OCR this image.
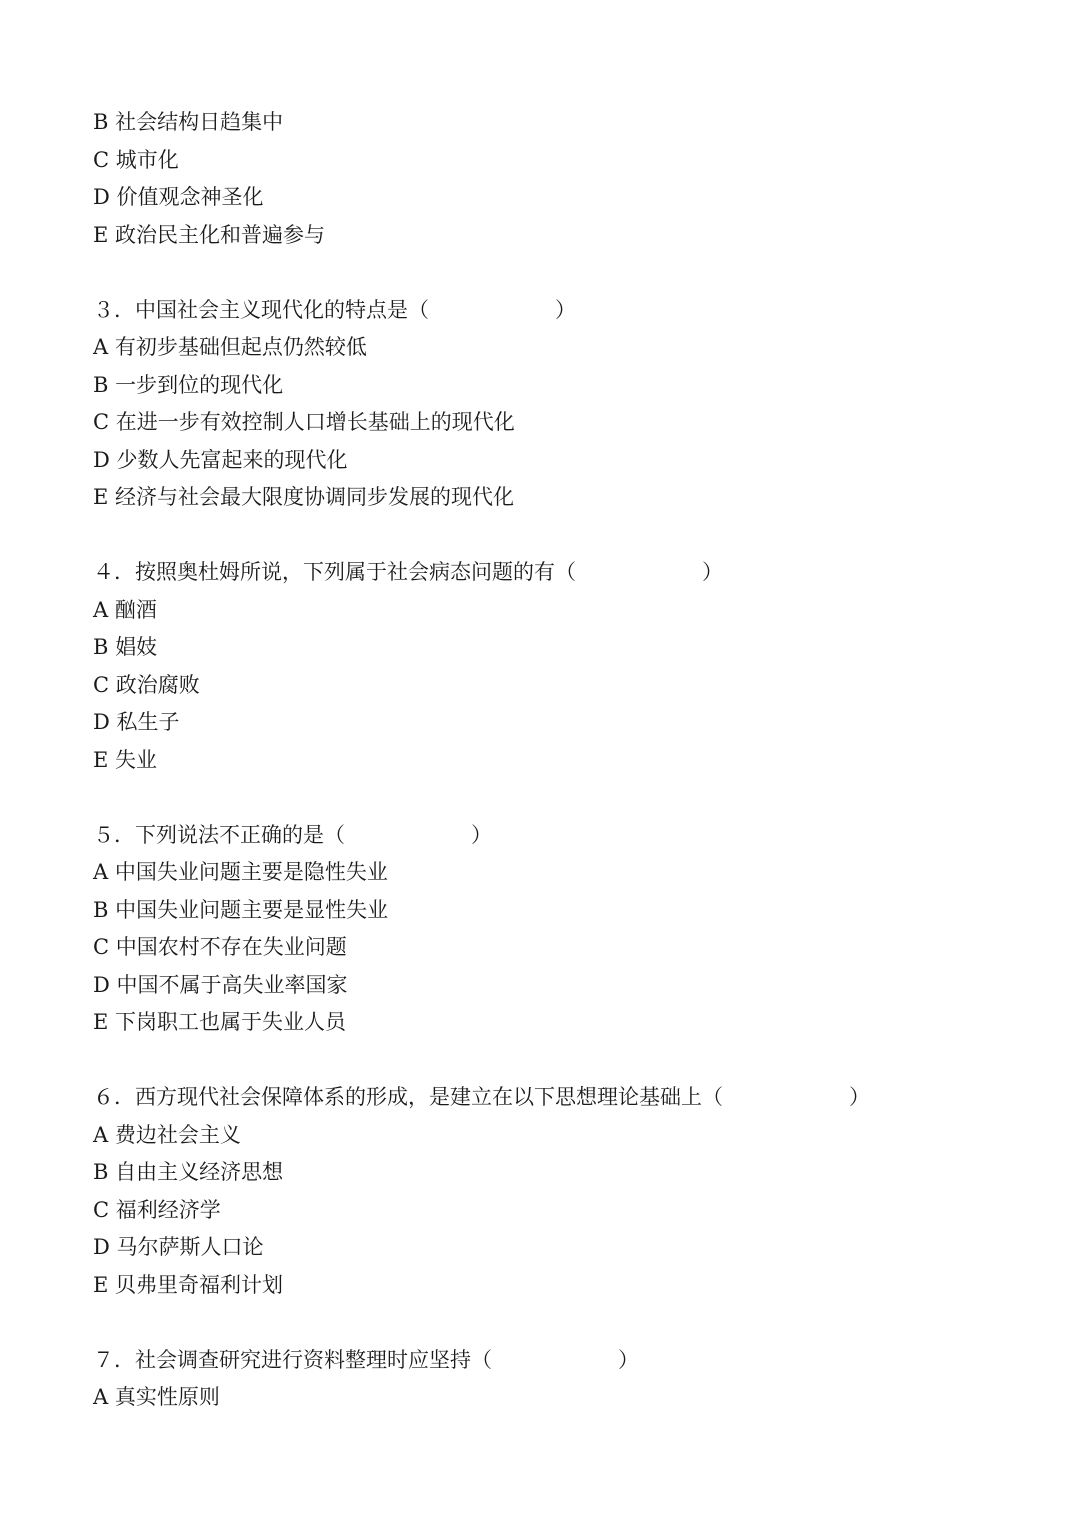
B 社会结构日趋集中
C 城市化
D 价值观念神圣化
E 政治民主化和普遍参与
３．中国社会主义现代化的特点是（　　　　　　）
A 有初步基础但起点仍然较低
B 一步到位的现代化
C 在进一步有效控制人口增长基础上的现代化
D 少数人先富起来的现代化
E 经济与社会最大限度协调同步发展的现代化
４．按照奥杜姆所说，下列属于社会病态问题的有（　　　　　　）
A 酗酒
B 娼妓
C 政治腐败
D 私生子
E 失业
５．下列说法不正确的是（　　　　　　）
A 中国失业问题主要是隐性失业
B 中国失业问题主要是显性失业
C 中国农村不存在失业问题
D 中国不属于高失业率国家
E 下岗职工也属于失业人员
６．西方现代社会保障体系的形成，是建立在以下思想理论基础上（　　　　　　）
A 费边社会主义
B 自由主义经济思想
C 福利经济学
D 马尔萨斯人口论
E 贝弗里奇福利计划
７．社会调查研究进行资料整理时应坚持（　　　　　　）
A 真实性原则
